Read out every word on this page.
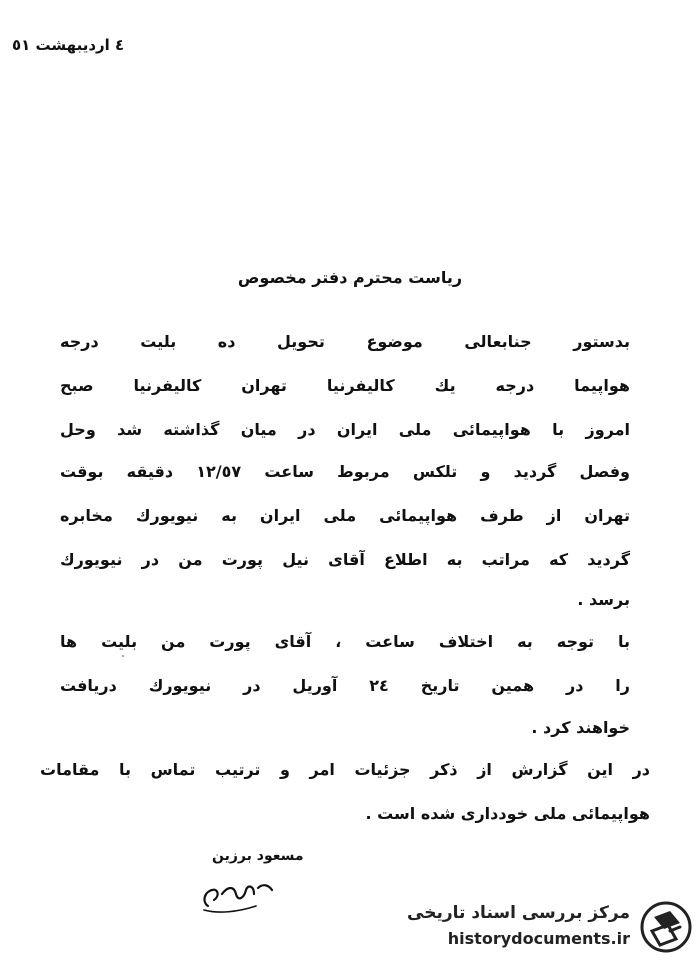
٤ ارديبهشت ٥١
رياست محترم دفتر مخصوص
بدستور جنابعالى موضوع تحويل ده بليت درجه
هواپيما درجه يك كاليفرنيا تهران كاليفرنيا صبح
امروز با هواپيمائى ملى ايران در ميان گذاشته شد وحل
وفصل گرديد و تلكس مربوط ساعت ١٢/٥٧ دقيقه بوقت
تهران از طرف هواپيمائى ملى ايران به نيويورك مخابره
گرديد كه مراتب به اطلاع آقاى نيل پورت من در نيويورك
برسد .
با توجه به اختلاف ساعت ، آقاى پورت من بليت ها
را در همين تاريخ ٢٤ آوريل در نيويورك دريافت
خواهند كرد .
در اين گزارش از ذكر جزئيات امر و ترتيب تماس با مقامات
هواپيمائى ملى خوددارى شده است .
مسعود برزين
مركز بررسى اسناد تاريخى
historydocuments.ir
